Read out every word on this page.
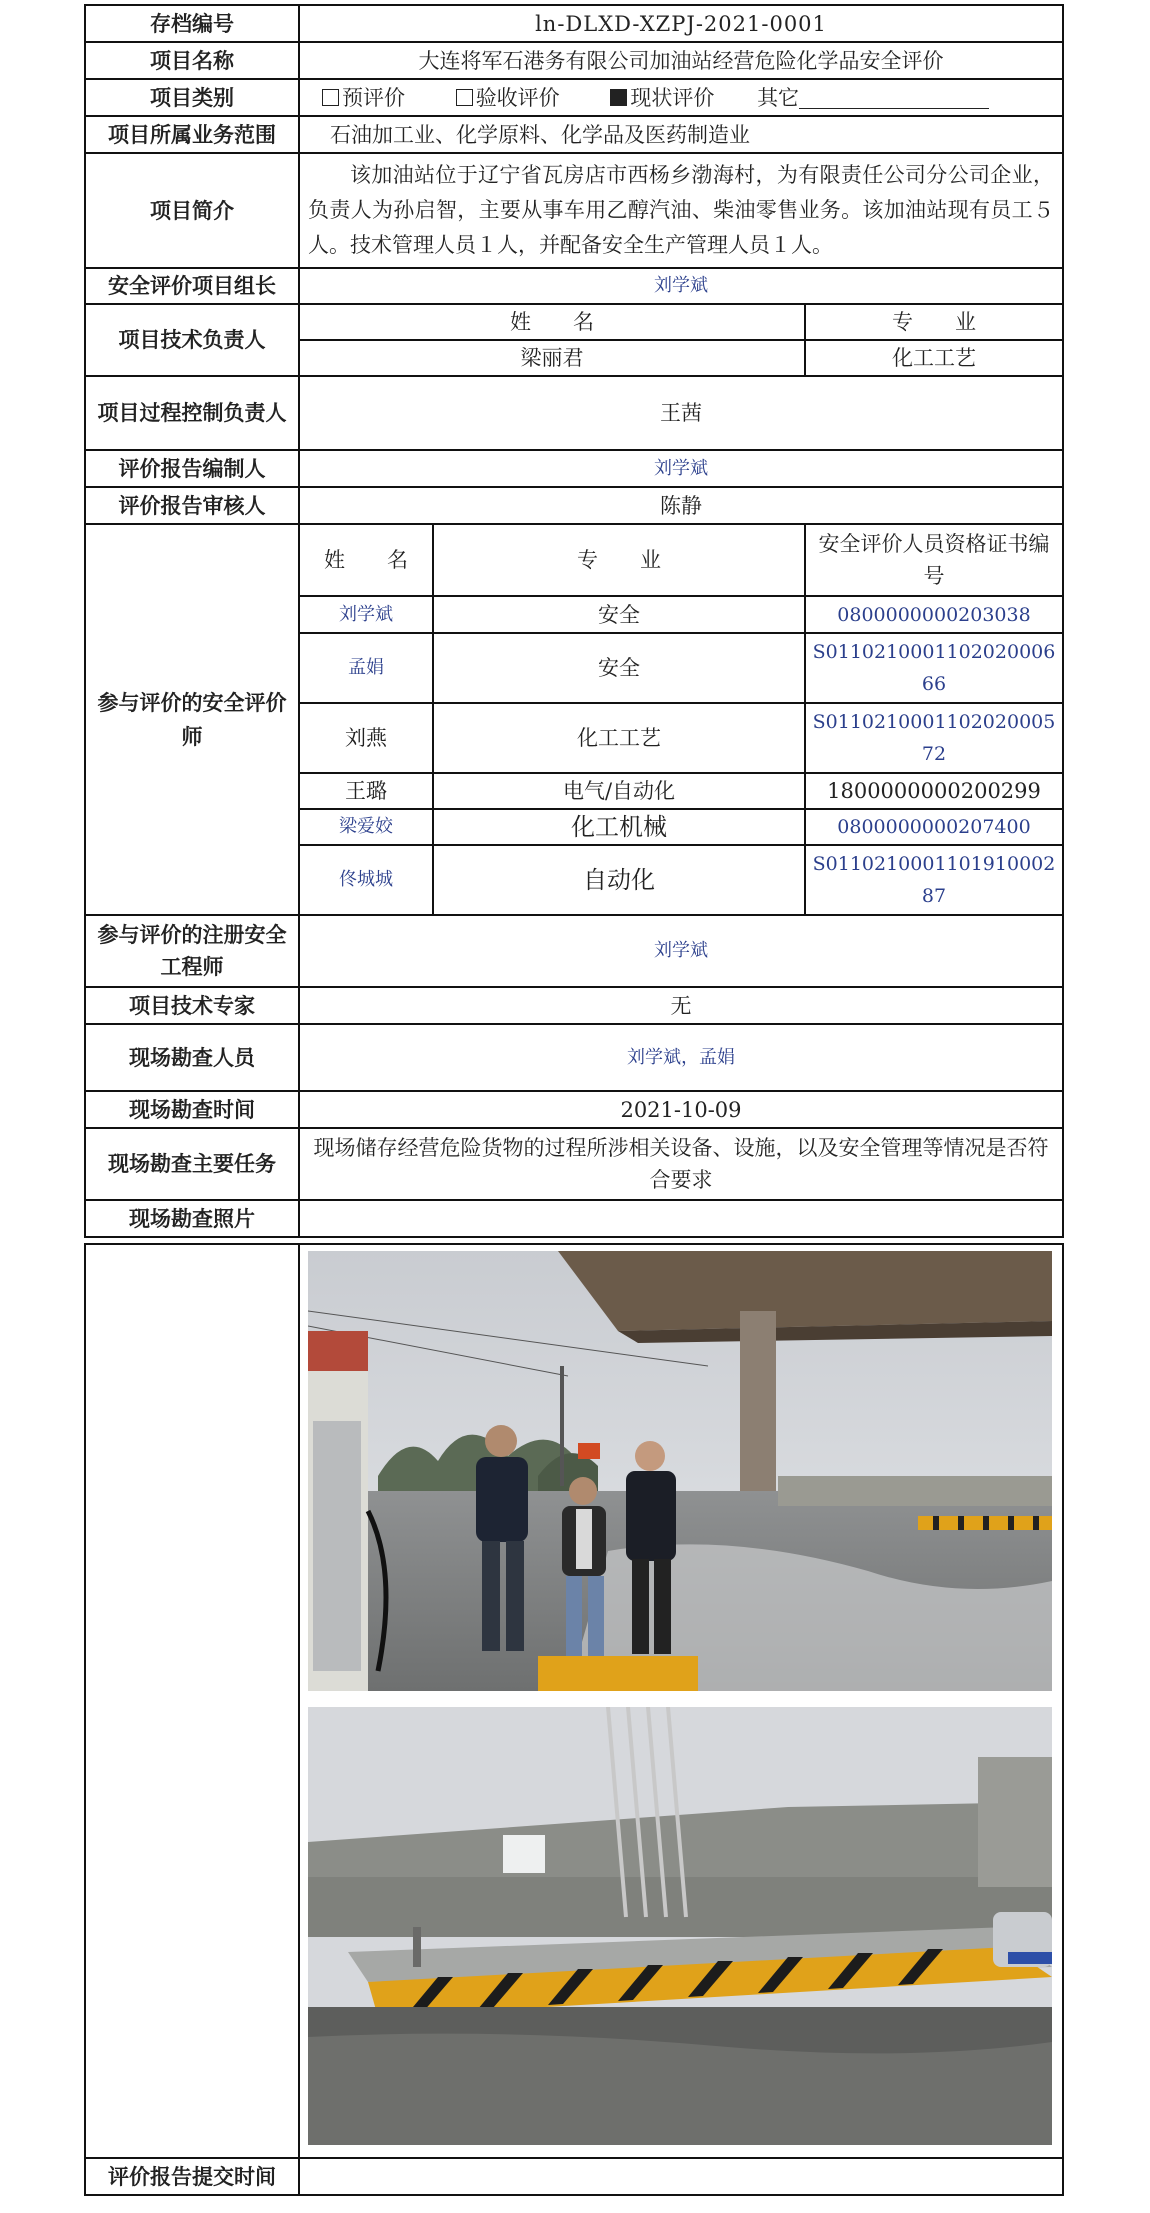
存档编号	ln-DLXD-XZPJ-2021-0001		
项目名称	大连将军石港务有限公司加油站经营危险化学品安全评价		
项目类别	预评价 验收评价 现状评价 其它		
项目所属业务范围	石油加工业、化学原料、化学品及医药制造业		
项目简介	该加油站位于辽宁省瓦房店市西杨乡渤海村，为有限责任公司分公司企业，负责人为孙启智，主要从事车用乙醇汽油、柴油零售业务。该加油站现有员工５人。技术管理人员１人，并配备安全生产管理人员１人。		
安全评价项目组长	刘学斌		
项目技术负责人	姓　　名		专　　业
	梁丽君		化工工艺
项目过程控制负责人	王茜		
评价报告编制人	刘学斌		
评价报告审核人	陈静		
参与评价的安全评价师	姓　　名	专　　业	安全评价人员资格证书编号
	刘学斌	安全	0800000000203038
	孟娟	安全	S011021000110202000666
	刘燕	化工工艺	S011021000110202000572
	王璐	电气/自动化	1800000000200299
	梁爱姣	化工机械	0800000000207400
	佟城城	自动化	S011021000110191000287
参与评价的注册安全工程师	刘学斌		
项目技术专家	无		
现场勘查人员	刘学斌，孟娟		
现场勘查时间	2021-10-09		
现场勘查主要任务	现场储存经营危险货物的过程所涉相关设备、设施，以及安全管理等情况是否符合要求		
现场勘查照片			

评价报告提交时间	
